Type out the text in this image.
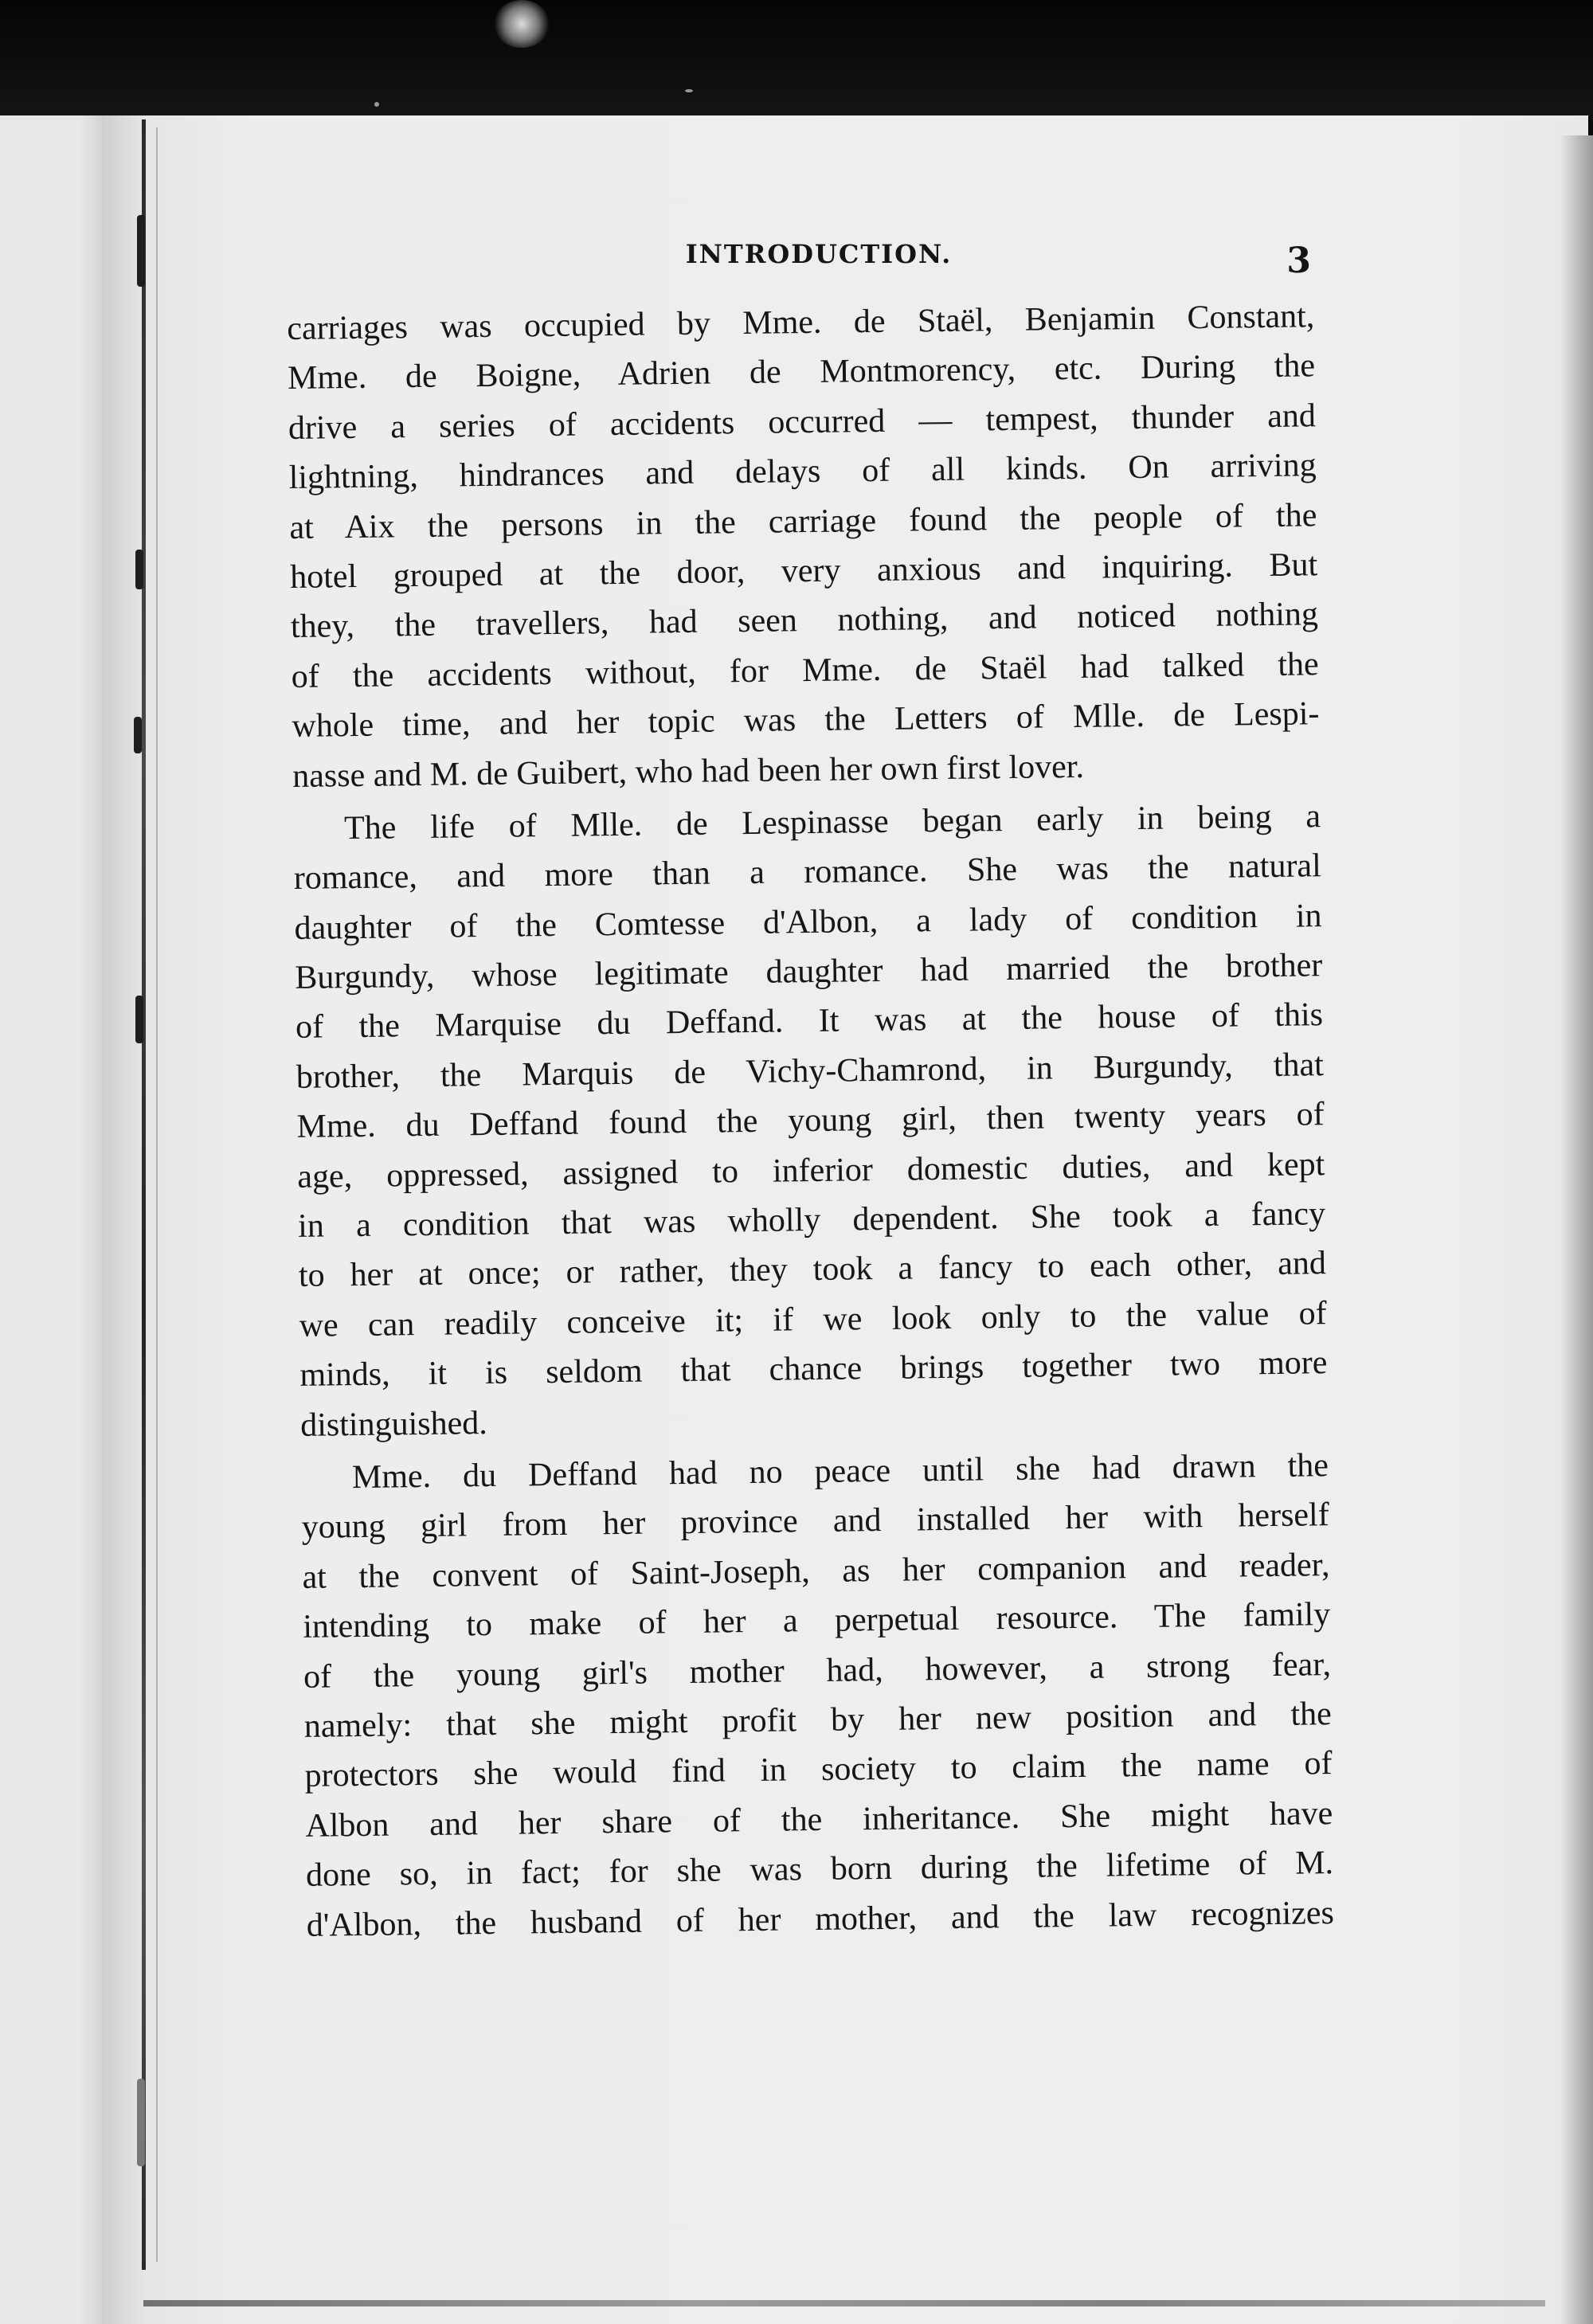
INTRODUCTION.	3
carriages was occupied by Mme. de Staël, Benjamin Constant,
Mme. de Boigne, Adrien de Montmorency, etc. During the
drive a series of accidents occurred — tempest, thunder and
lightning, hindrances and delays of all kinds. On arriving
at Aix the persons in the carriage found the people of the
hotel grouped at the door, very anxious and inquiring. But
they, the travellers, had seen nothing, and noticed nothing
of the accidents without, for Mme. de Staël had talked the
whole time, and her topic was the Letters of Mlle. de Lespi-
nasse and M. de Guibert, who had been her own first lover.
The life of Mlle. de Lespinasse began early in being a
romance, and more than a romance. She was the natural
daughter of the Comtesse d'Albon, a lady of condition in
Burgundy, whose legitimate daughter had married the brother
of the Marquise du Deffand. It was at the house of this
brother, the Marquis de Vichy-Chamrond, in Burgundy, that
Mme. du Deffand found the young girl, then twenty years of
age, oppressed, assigned to inferior domestic duties, and kept
in a condition that was wholly dependent. She took a fancy
to her at once; or rather, they took a fancy to each other, and
we can readily conceive it; if we look only to the value of
minds, it is seldom that chance brings together two more
distinguished.
Mme. du Deffand had no peace until she had drawn the
young girl from her province and installed her with herself
at the convent of Saint-Joseph, as her companion and reader,
intending to make of her a perpetual resource. The family
of the young girl's mother had, however, a strong fear,
namely: that she might profit by her new position and the
protectors she would find in society to claim the name of
Albon and her share of the inheritance. She might have
done so, in fact; for she was born during the lifetime of M.
d'Albon, the husband of her mother, and the law recognizes
